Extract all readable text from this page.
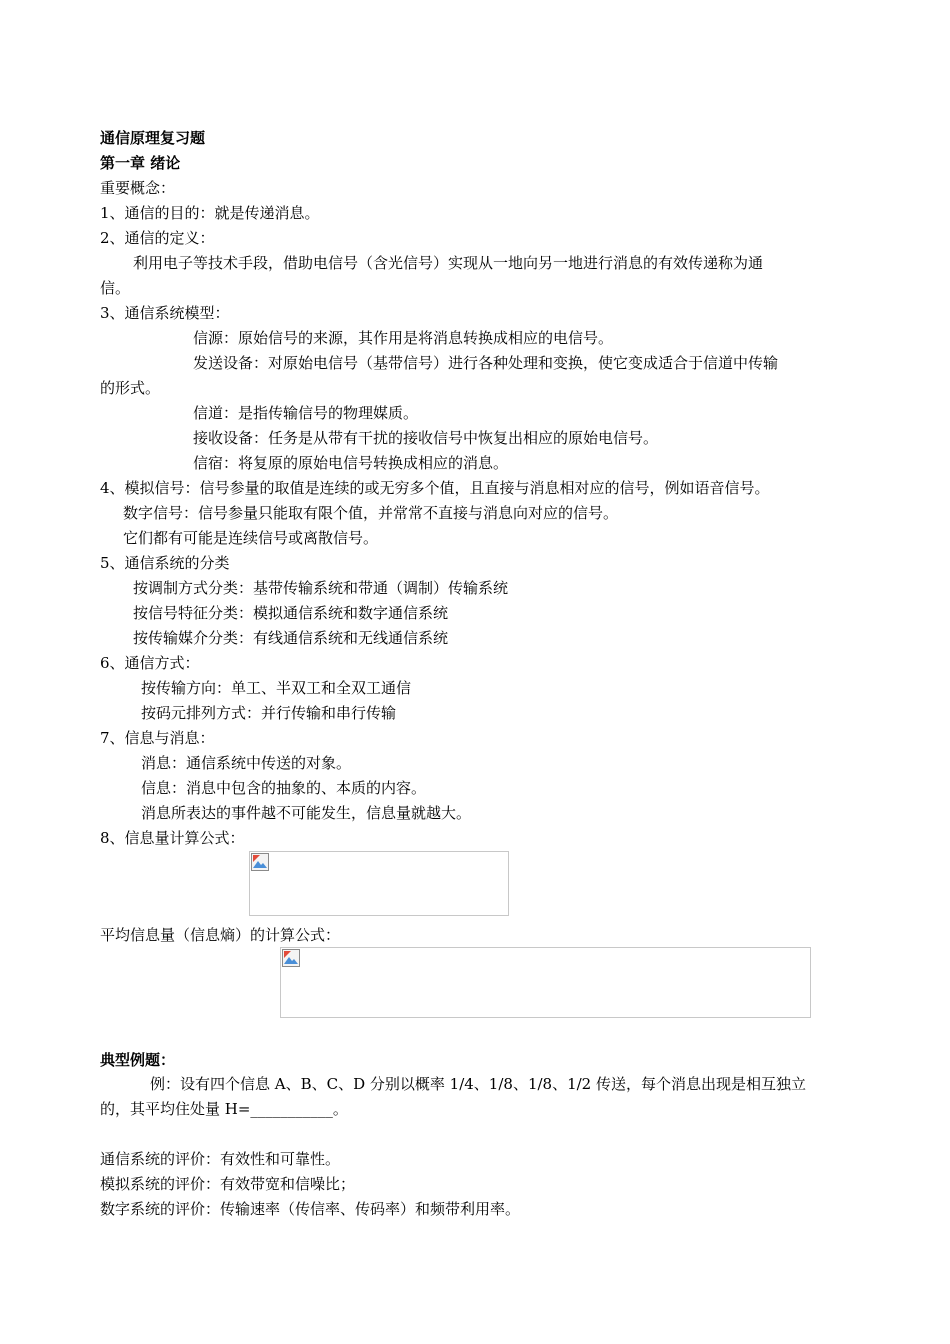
通信原理复习题
第一章 绪论
重要概念：
1、通信的目的：就是传递消息。
2、通信的定义：
利用电子等技术手段，借助电信号（含光信号）实现从一地向另一地进行消息的有效传递称为通
信。
3、通信系统模型：
信源：原始信号的来源，其作用是将消息转换成相应的电信号。
发送设备：对原始电信号（基带信号）进行各种处理和变换，使它变成适合于信道中传输
的形式。
信道：是指传输信号的物理媒质。
接收设备：任务是从带有干扰的接收信号中恢复出相应的原始电信号。
信宿：将复原的原始电信号转换成相应的消息。
4、模拟信号：信号参量的取值是连续的或无穷多个值，且直接与消息相对应的信号，例如语音信号。
数字信号：信号参量只能取有限个值，并常常不直接与消息向对应的信号。
它们都有可能是连续信号或离散信号。
5、通信系统的分类
按调制方式分类：基带传输系统和带通（调制）传输系统
按信号特征分类：模拟通信系统和数字通信系统
按传输媒介分类：有线通信系统和无线通信系统
6、通信方式：
按传输方向：单工、半双工和全双工通信
按码元排列方式：并行传输和串行传输
7、信息与消息：
消息：通信系统中传送的对象。
信息：消息中包含的抽象的、本质的内容。
消息所表达的事件越不可能发生，信息量就越大。
8、信息量计算公式：
平均信息量（信息熵）的计算公式：
典型例题：
例：设有四个信息 A、B、C、D 分别以概率 1/4、1/8、1/8、1/2 传送，每个消息出现是相互独立
的，其平均住处量 H=___________。
通信系统的评价：有效性和可靠性。
模拟系统的评价：有效带宽和信噪比；
数字系统的评价：传输速率（传信率、传码率）和频带利用率。
